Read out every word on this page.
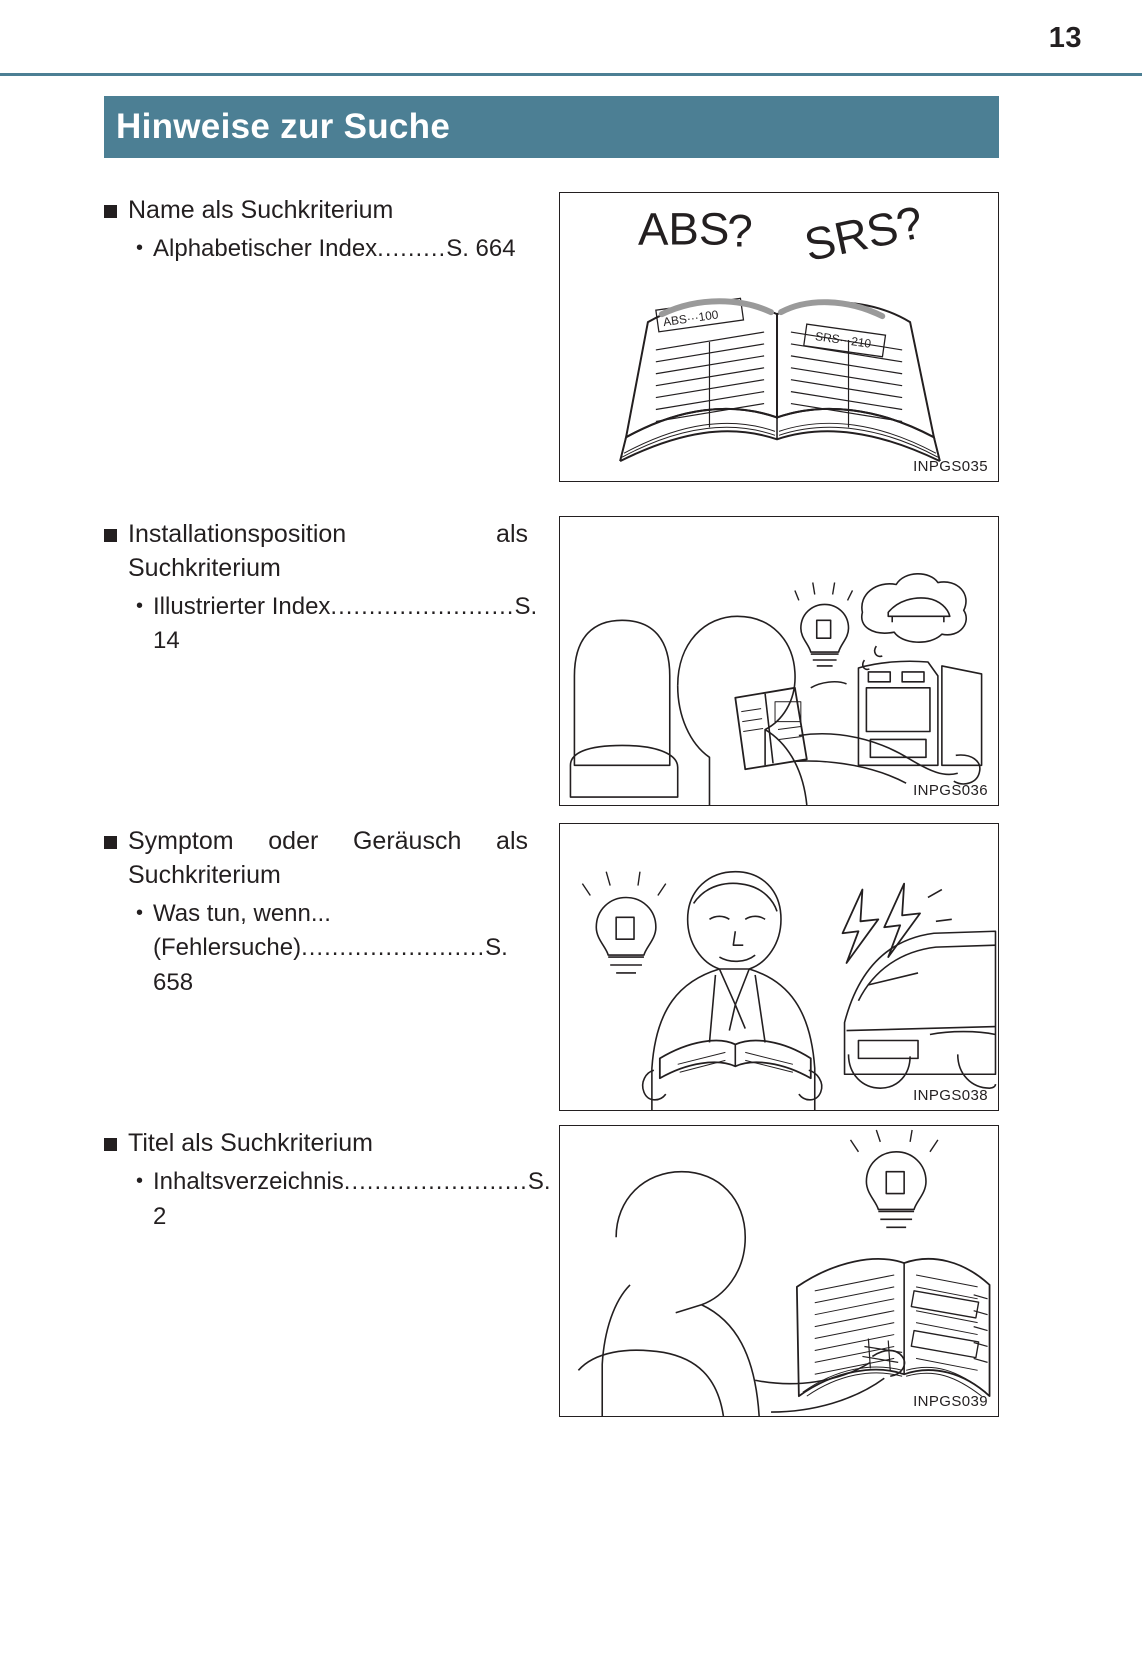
13
Hinweise zur Suche
Name als Suchkriterium
• Alphabetischer Index.........S. 664	ABS
? SRS?
ABS···100
SRS···210
INPGS035
Installationsposition als Suchkriterium
• Illustrierter Index........................S. 14
INPGS036
Symptom oder Geräusch als Suchkriterium
• Was tun, wenn...
(Fehlersuche)........................S. 658
INPGS038
Titel als Suchkriterium
• Inhaltsverzeichnis........................S. 2
INPGS039
